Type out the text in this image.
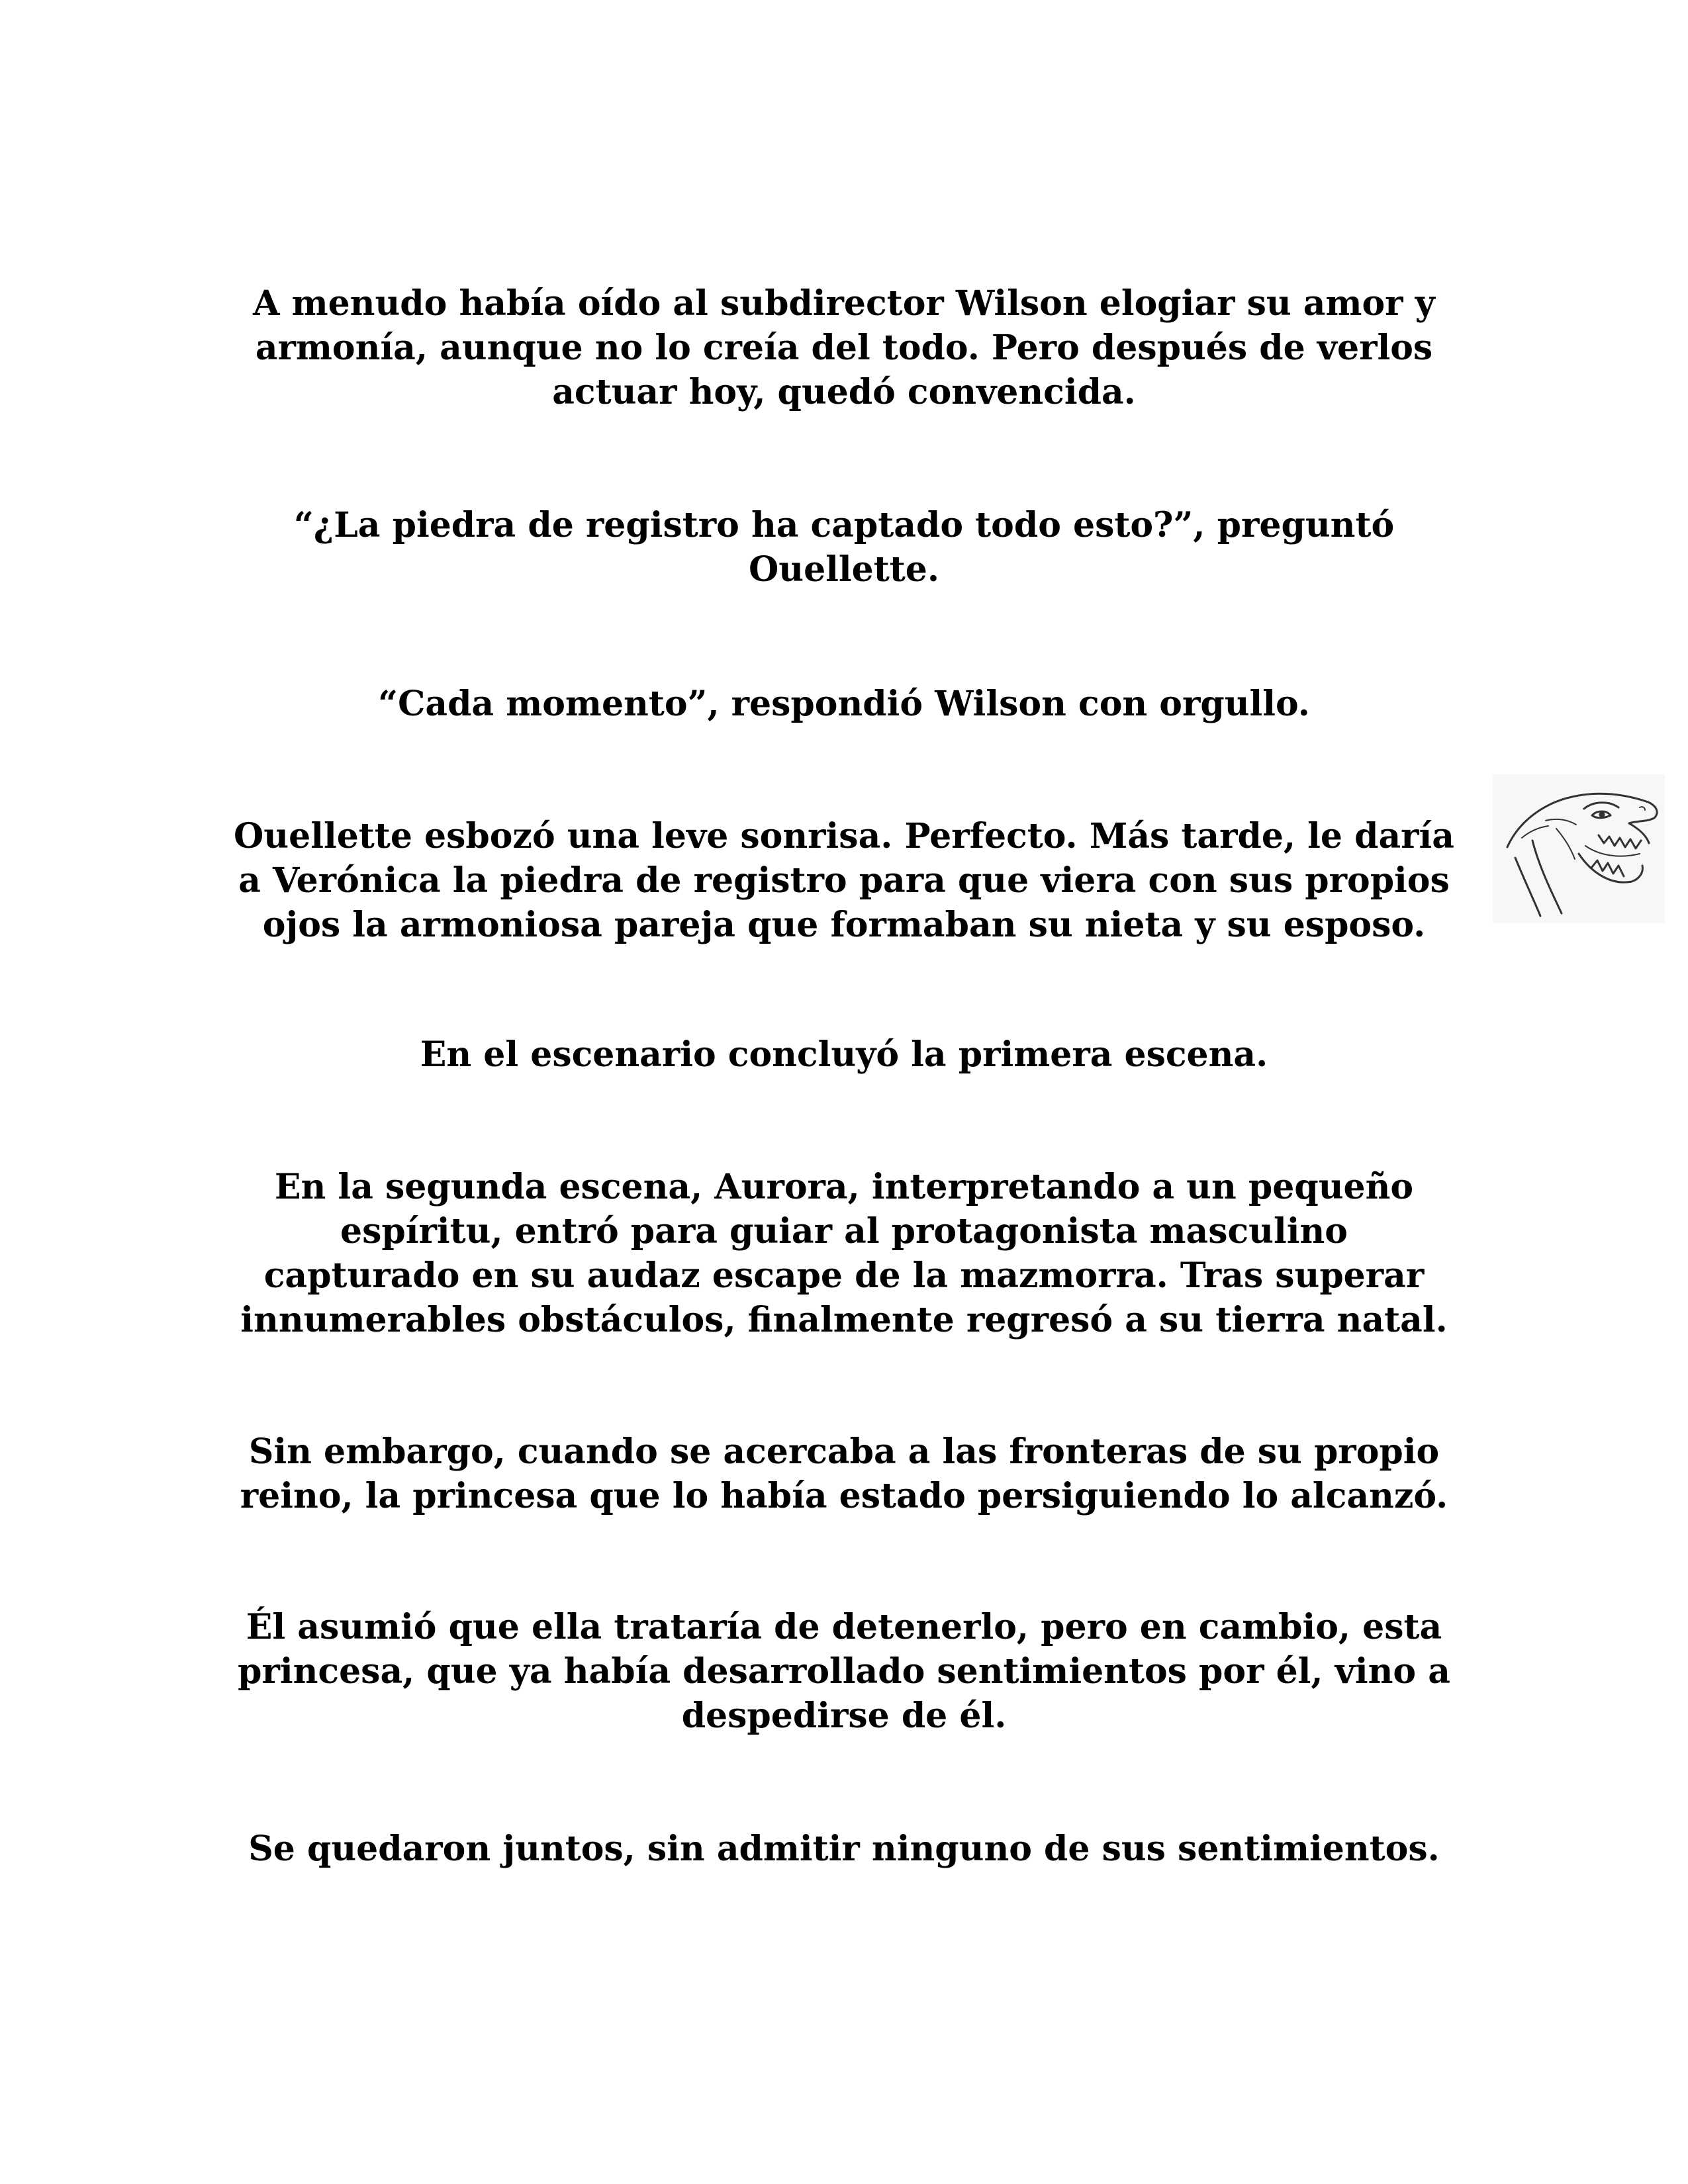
A menudo había oído al subdirector Wilson elogiar su amor y
armonía, aunque no lo creía del todo. Pero después de verlos
actuar hoy, quedó convencida.

“¿La piedra de registro ha captado todo esto?”, preguntó
Ouellette.

“Cada momento”, respondió Wilson con orgullo.

Ouellette esbozó una leve sonrisa. Perfecto. Más tarde, le daría
a Verónica la piedra de registro para que viera con sus propios
ojos la armoniosa pareja que formaban su nieta y su esposo.

En el escenario concluyó la primera escena.

En la segunda escena, Aurora, interpretando a un pequeño
espíritu, entró para guiar al protagonista masculino
capturado en su audaz escape de la mazmorra. Tras superar
innumerables obstáculos, finalmente regresó a su tierra natal.

Sin embargo, cuando se acercaba a las fronteras de su propio
reino, la princesa que lo había estado persiguiendo lo alcanzó.

Él asumió que ella trataría de detenerlo, pero en cambio, esta
princesa, que ya había desarrollado sentimientos por él, vino a
despedirse de él.

Se quedaron juntos, sin admitir ninguno de sus sentimientos.
